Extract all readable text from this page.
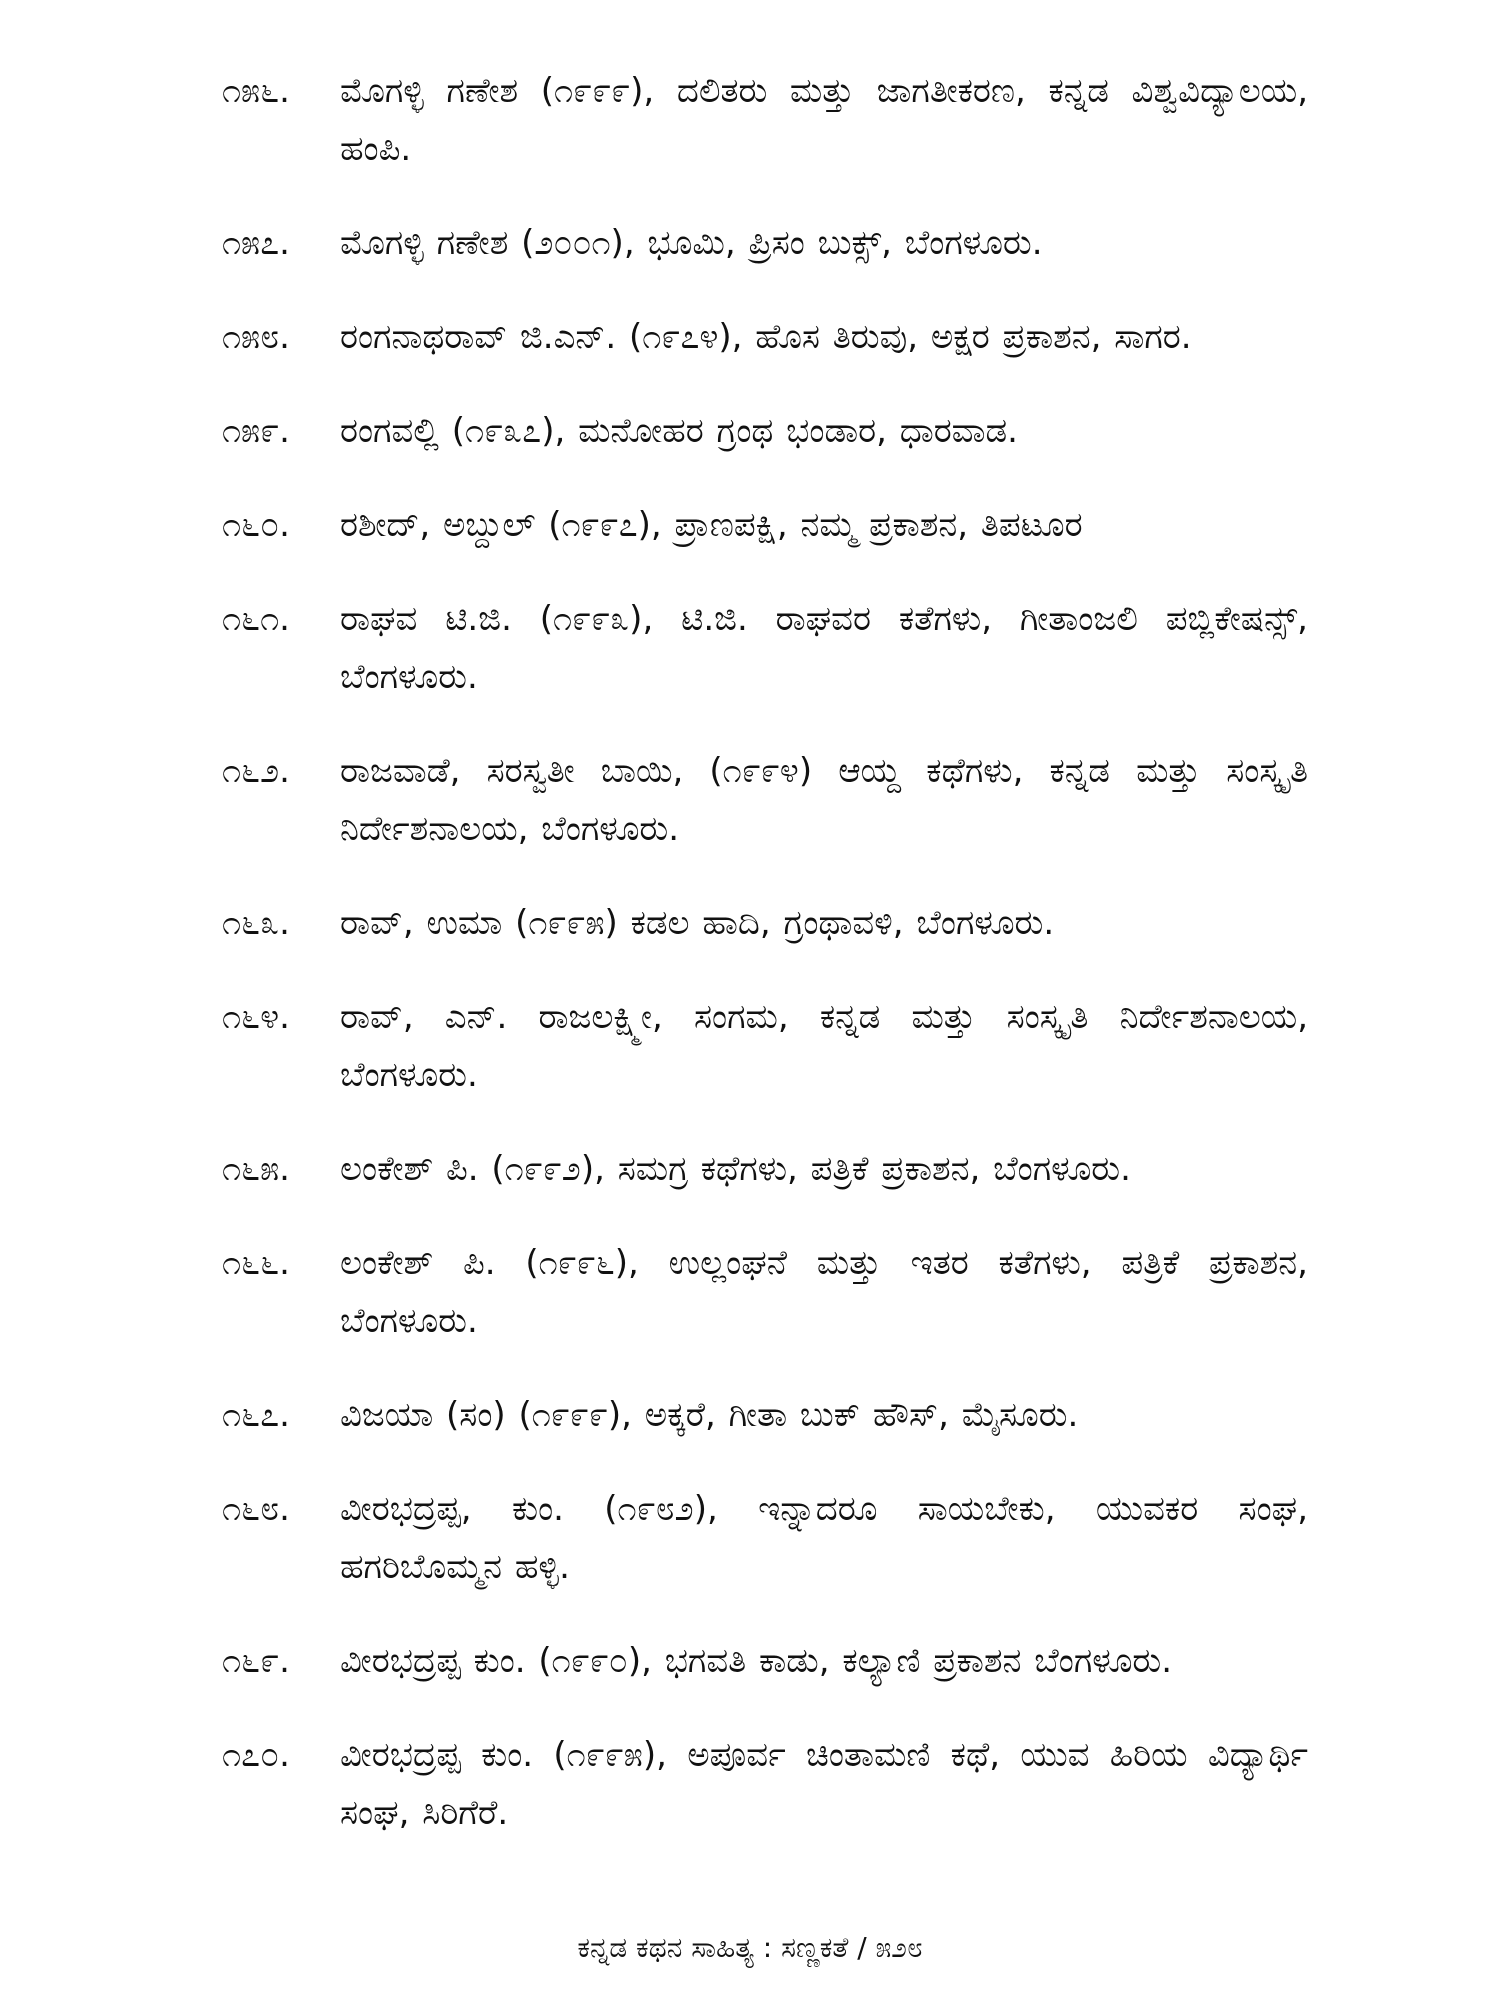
೧೫೬.	ಮೊಗಳ್ಳಿ ಗಣೇಶ (೧೯೯೯), ದಲಿತರು ಮತ್ತು ಜಾಗತೀಕರಣ, ಕನ್ನಡ ವಿಶ್ವವಿದ್ಯಾಲಯ, ಹಂಪಿ.
೧೫೭.	ಮೊಗಳ್ಳಿ ಗಣೇಶ (೨೦೦೧), ಭೂಮಿ, ಪ್ರಿಸಂ ಬುಕ್ಸ್, ಬೆಂಗಳೂರು.
೧೫೮.	ರಂಗನಾಥರಾವ್ ಜಿ.ಎನ್. (೧೯೭೪), ಹೊಸ ತಿರುವು, ಅಕ್ಷರ ಪ್ರಕಾಶನ, ಸಾಗರ.
೧೫೯.	ರಂಗವಲ್ಲಿ (೧೯೩೭), ಮನೋಹರ ಗ್ರಂಥ ಭಂಡಾರ, ಧಾರವಾಡ.
೧೬೦.	ರಶೀದ್, ಅಬ್ದುಲ್ (೧೯೯೭), ಪ್ರಾಣಪಕ್ಷಿ, ನಮ್ಮ ಪ್ರಕಾಶನ, ತಿಪಟೂರ
೧೬೧.	ರಾಘವ ಟಿ.ಜಿ. (೧೯೯೩), ಟಿ.ಜಿ. ರಾಘವರ ಕತೆಗಳು, ಗೀತಾಂಜಲಿ ಪಬ್ಲಿಕೇಷನ್ಸ್, ಬೆಂಗಳೂರು.
೧೬೨.	ರಾಜವಾಡೆ, ಸರಸ್ವತೀ ಬಾಯಿ, (೧೯೯೪) ಆಯ್ದ ಕಥೆಗಳು, ಕನ್ನಡ ಮತ್ತು ಸಂಸ್ಕೃತಿ ನಿರ್ದೇಶನಾಲಯ, ಬೆಂಗಳೂರು.
೧೬೩.	ರಾವ್, ಉಮಾ (೧೯೯೫) ಕಡಲ ಹಾದಿ, ಗ್ರಂಥಾವಳಿ, ಬೆಂಗಳೂರು.
೧೬೪.	ರಾವ್, ಎನ್. ರಾಜಲಕ್ಷ್ಮೀ, ಸಂಗಮ, ಕನ್ನಡ ಮತ್ತು ಸಂಸ್ಕೃತಿ ನಿರ್ದೇಶನಾಲಯ, ಬೆಂಗಳೂರು.
೧೬೫.	ಲಂಕೇಶ್ ಪಿ. (೧೯೯೨), ಸಮಗ್ರ ಕಥೆಗಳು, ಪತ್ರಿಕೆ ಪ್ರಕಾಶನ, ಬೆಂಗಳೂರು.
೧೬೬.	ಲಂಕೇಶ್ ಪಿ. (೧೯೯೬), ಉಲ್ಲಂಘನೆ ಮತ್ತು ಇತರ ಕತೆಗಳು, ಪತ್ರಿಕೆ ಪ್ರಕಾಶನ, ಬೆಂಗಳೂರು.
೧೬೭.	ವಿಜಯಾ (ಸಂ) (೧೯೯೯), ಅಕ್ಕರೆ, ಗೀತಾ ಬುಕ್ ಹೌಸ್, ಮೈಸೂರು.
೧೬೮.	ವೀರಭದ್ರಪ್ಪ, ಕುಂ. (೧೯೮೨), ಇನ್ನಾದರೂ ಸಾಯಬೇಕು, ಯುವಕರ ಸಂಘ, ಹಗರಿಬೊಮ್ಮನ ಹಳ್ಳಿ.
೧೬೯.	ವೀರಭದ್ರಪ್ಪ ಕುಂ. (೧೯೯೦), ಭಗವತಿ ಕಾಡು, ಕಲ್ಯಾಣಿ ಪ್ರಕಾಶನ ಬೆಂಗಳೂರು.
೧೭೦.	ವೀರಭದ್ರಪ್ಪ ಕುಂ. (೧೯೯೫), ಅಪೂರ್ವ ಚಿಂತಾಮಣಿ ಕಥೆ, ಯುವ ಹಿರಿಯ ವಿದ್ಯಾರ್ಥಿ ಸಂಘ, ಸಿರಿಗೆರೆ.
ಕನ್ನಡ ಕಥನ ಸಾಹಿತ್ಯ : ಸಣ್ಣಕತೆ / ೫೨೮
